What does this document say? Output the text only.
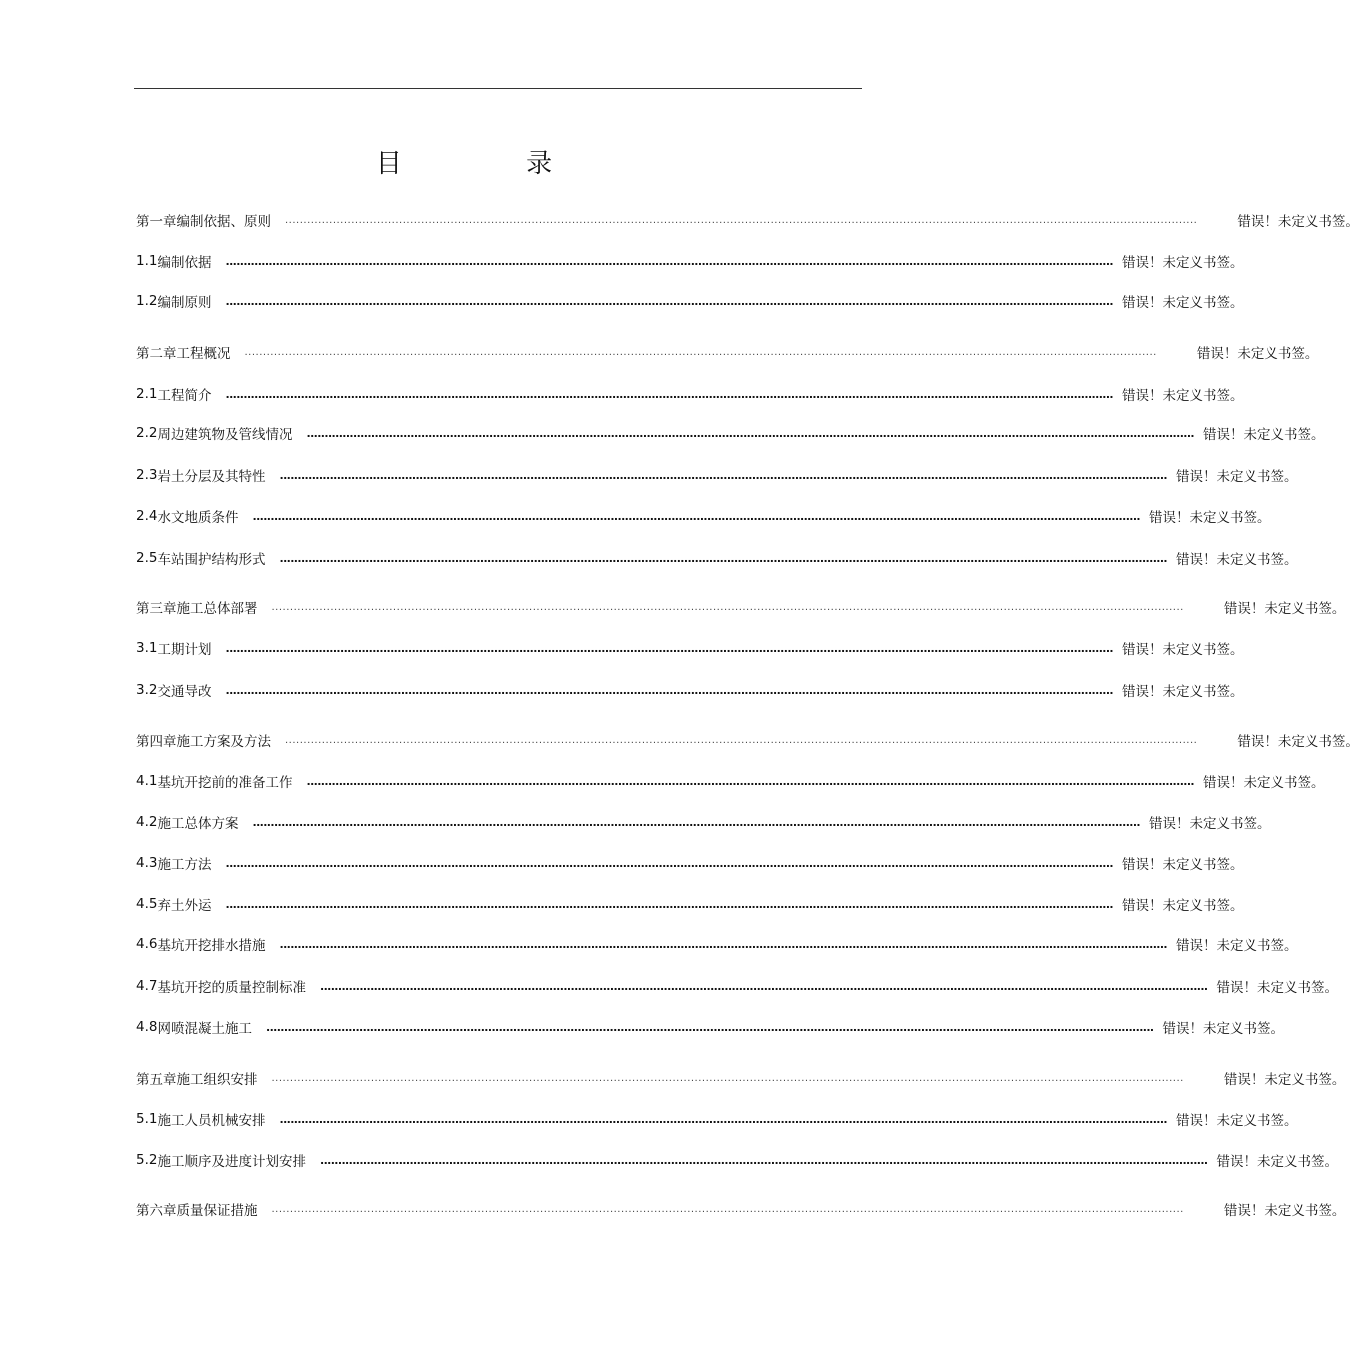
目 录
第一章 编制依据、原则 ........................................................................................................................................................................................................................................................	错误！未定义书签。
1.1 编制依据 ........................................................................................................................................................................................................................................................ 错误！未定义书签。
1.2 编制原则 ........................................................................................................................................................................................................................................................ 错误！未定义书签。
第二章 工程概况 ........................................................................................................................................................................................................................................................	错误！未定义书签。
2.1 工程简介 ........................................................................................................................................................................................................................................................ 错误！未定义书签。
2.2 周边建筑物及管线情况 ........................................................................................................................................................................................................................................................ 错误！未定义书签。
2.3 岩土分层及其特性 ........................................................................................................................................................................................................................................................ 错误！未定义书签。
2.4 水文地质条件 ........................................................................................................................................................................................................................................................ 错误！未定义书签。
2.5 车站围护结构形式 ........................................................................................................................................................................................................................................................ 错误！未定义书签。
第三章 施工总体部署 ........................................................................................................................................................................................................................................................	错误！未定义书签。
3.1 工期计划 ........................................................................................................................................................................................................................................................ 错误！未定义书签。
3.2 交通导改 ........................................................................................................................................................................................................................................................ 错误！未定义书签。
第四章 施工方案及方法 ........................................................................................................................................................................................................................................................	错误！未定义书签。
4.1 基坑开挖前的准备工作 ........................................................................................................................................................................................................................................................ 错误！未定义书签。
4.2 施工总体方案 ........................................................................................................................................................................................................................................................ 错误！未定义书签。
4.3 施工方法 ........................................................................................................................................................................................................................................................ 错误！未定义书签。
4.5 弃土外运 ........................................................................................................................................................................................................................................................ 错误！未定义书签。
4.6 基坑开挖排水措施 ........................................................................................................................................................................................................................................................ 错误！未定义书签。
4.7 基坑开挖的质量控制标准 ........................................................................................................................................................................................................................................................ 错误！未定义书签。
4.8 网喷混凝土施工 ........................................................................................................................................................................................................................................................ 错误！未定义书签。
第五章 施工组织安排 ........................................................................................................................................................................................................................................................	错误！未定义书签。
5.1 施工人员机械安排 ........................................................................................................................................................................................................................................................ 错误！未定义书签。
5.2 施工顺序及进度计划安排 ........................................................................................................................................................................................................................................................ 错误！未定义书签。
第六章 质量保证措施 ........................................................................................................................................................................................................................................................	错误！未定义书签。
